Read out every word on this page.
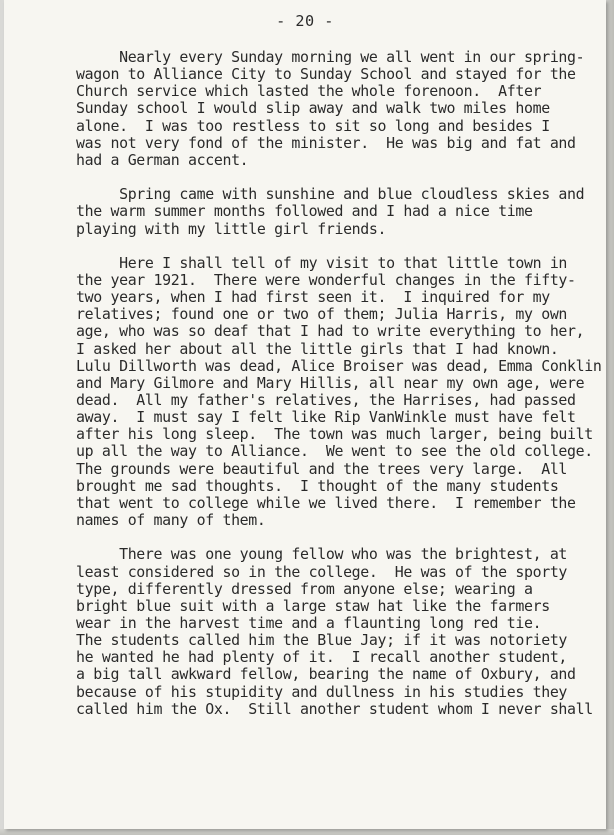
- 20 -
Nearly every Sunday morning we all went in our spring-
wagon to Alliance City to Sunday School and stayed for the
Church service which lasted the whole forenoon.  After
Sunday school I would slip away and walk two miles home
alone.  I was too restless to sit so long and besides I
was not very fond of the minister.  He was big and fat and
had a German accent.
Spring came with sunshine and blue cloudless skies and
the warm summer months followed and I had a nice time
playing with my little girl friends.
Here I shall tell of my visit to that little town in
the year 1921.  There were wonderful changes in the fifty-
two years, when I had first seen it.  I inquired for my
relatives; found one or two of them; Julia Harris, my own
age, who was so deaf that I had to write everything to her,
I asked her about all the little girls that I had known.
Lulu Dillworth was dead, Alice Broiser was dead, Emma Conklin
and Mary Gilmore and Mary Hillis, all near my own age, were
dead.  All my father's relatives, the Harrises, had passed
away.  I must say I felt like Rip VanWinkle must have felt
after his long sleep.  The town was much larger, being built
up all the way to Alliance.  We went to see the old college.
The grounds were beautiful and the trees very large.  All
brought me sad thoughts.  I thought of the many students
that went to college while we lived there.  I remember the
names of many of them.
There was one young fellow who was the brightest, at
least considered so in the college.  He was of the sporty
type, differently dressed from anyone else; wearing a
bright blue suit with a large staw hat like the farmers
wear in the harvest time and a flaunting long red tie.
The students called him the Blue Jay; if it was notoriety
he wanted he had plenty of it.  I recall another student,
a big tall awkward fellow, bearing the name of Oxbury, and
because of his stupidity and dullness in his studies they
called him the Ox.  Still another student whom I never shall
